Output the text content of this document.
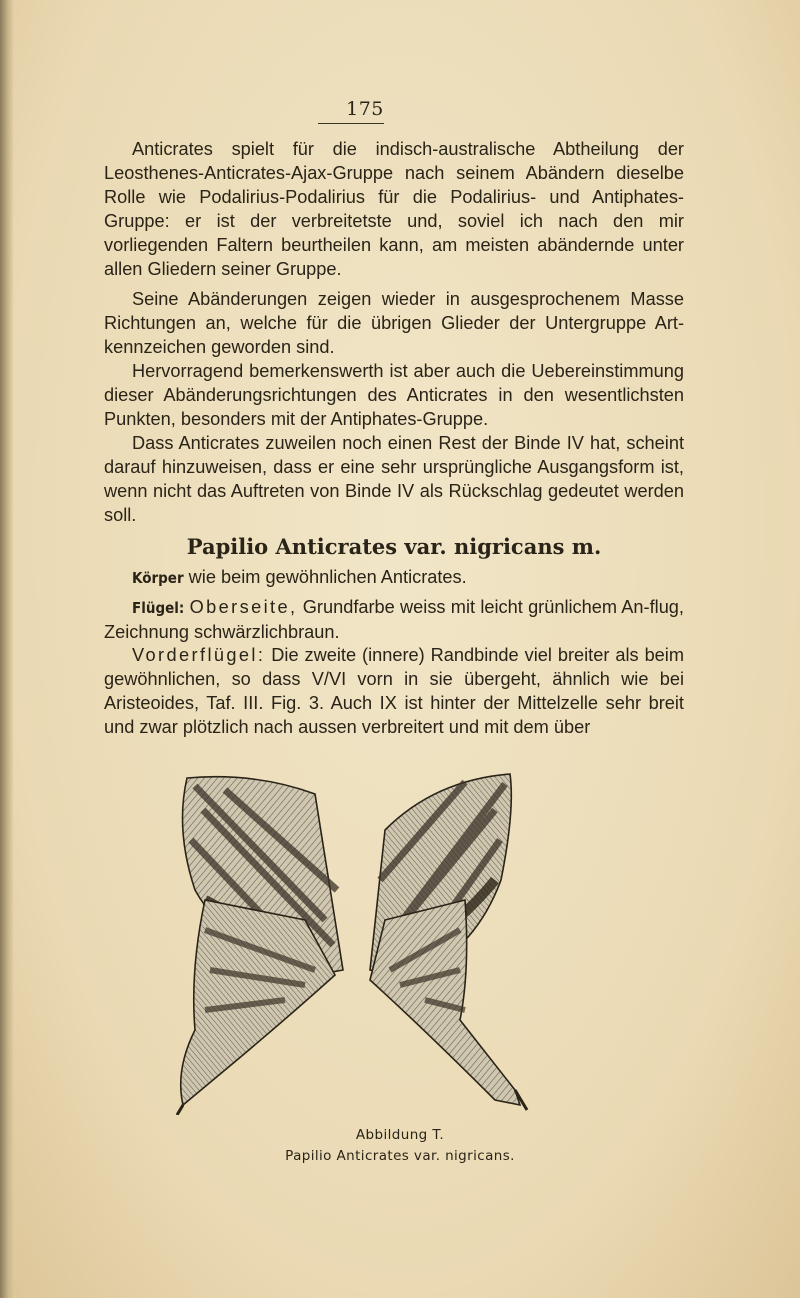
175

Anticrates spielt für die indisch-australische Abtheilung der Leosthenes-Anticrates-Ajax-Gruppe nach seinem Abändern dieselbe Rolle wie Podalirius-Podalirius für die Podalirius- und Antiphates-Gruppe: er ist der verbreitetste und, soviel ich nach den mir vorliegenden Faltern beurtheilen kann, am meisten abändernde unter allen Gliedern seiner Gruppe.

Seine Abänderungen zeigen wieder in ausgesprochenem Masse Richtungen an, welche für die übrigen Glieder der Untergruppe Art-kennzeichen geworden sind.

Hervorragend bemerkenswerth ist aber auch die Uebereinstimmung dieser Abänderungsrichtungen des Anticrates in den wesentlichsten Punkten, besonders mit der Antiphates-Gruppe.

Dass Anticrates zuweilen noch einen Rest der Binde IV hat, scheint darauf hinzuweisen, dass er eine sehr ursprüngliche Ausgangsform ist, wenn nicht das Auftreten von Binde IV als Rückschlag gedeutet werden soll.

Papilio Anticrates var. nigricans m.

Körper wie beim gewöhnlichen Anticrates.

Flügel: Oberseite, Grundfarbe weiss mit leicht grünlichem An-flug, Zeichnung schwärzlichbraun.

Vorderflügel: Die zweite (innere) Randbinde viel breiter als beim gewöhnlichen, so dass V/VI vorn in sie übergeht, ähnlich wie bei Aristeoides, Taf. III. Fig. 3. Auch IX ist hinter der Mittelzelle sehr breit und zwar plötzlich nach aussen verbreitert und mit dem über

Abbildung T.
Papilio Anticrates var. nigricans.
